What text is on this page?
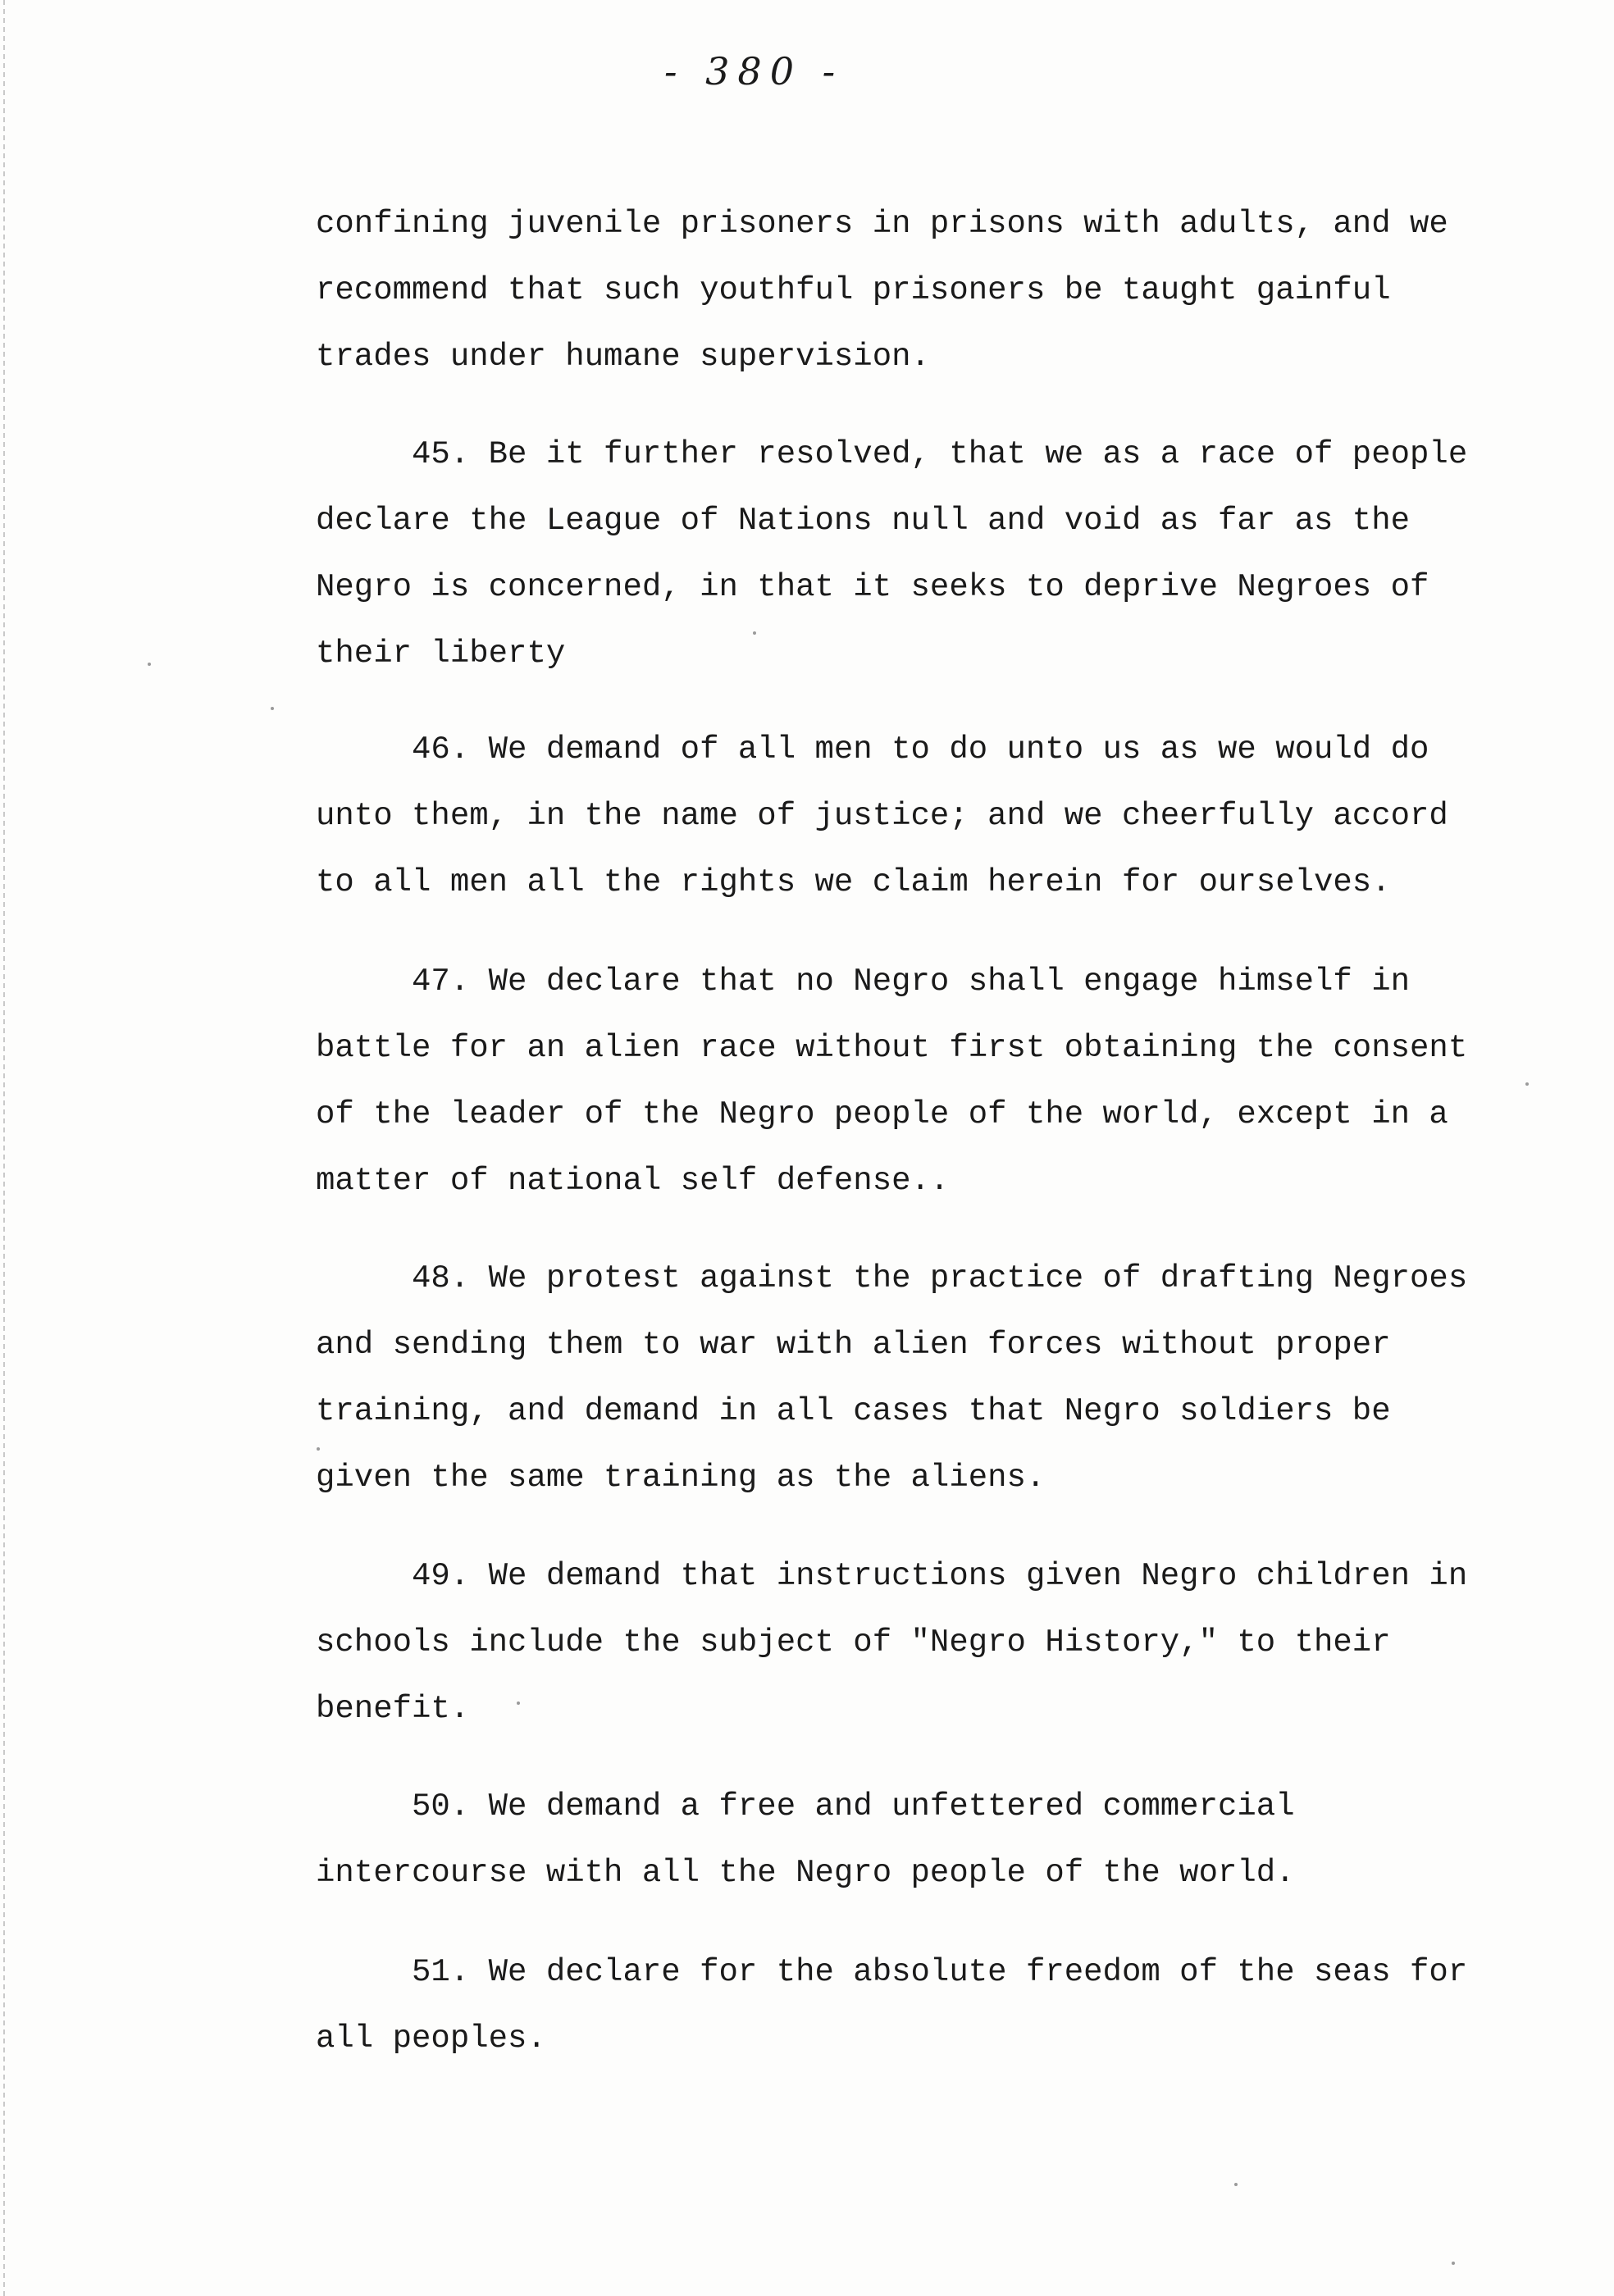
- 380 -

confining juvenile prisoners in prisons with adults, and we
recommend that such youthful prisoners be taught gainful
trades under humane supervision.

45. Be it further resolved, that we as a race of people
declare the League of Nations null and void as far as the
Negro is concerned, in that it seeks to deprive Negroes of
their liberty

46. We demand of all men to do unto us as we would do
unto them, in the name of justice; and we cheerfully accord
to all men all the rights we claim herein for ourselves.

47. We declare that no Negro shall engage himself in
battle for an alien race without first obtaining the consent
of the leader of the Negro people of the world, except in a
matter of national self defense..

48. We protest against the practice of drafting Negroes
and sending them to war with alien forces without proper
training, and demand in all cases that Negro soldiers be
given the same training as the aliens.

49. We demand that instructions given Negro children in
schools include the subject of "Negro History," to their
benefit.

50. We demand a free and unfettered commercial
intercourse with all the Negro people of the world.

51. We declare for the absolute freedom of the seas for
all peoples.
